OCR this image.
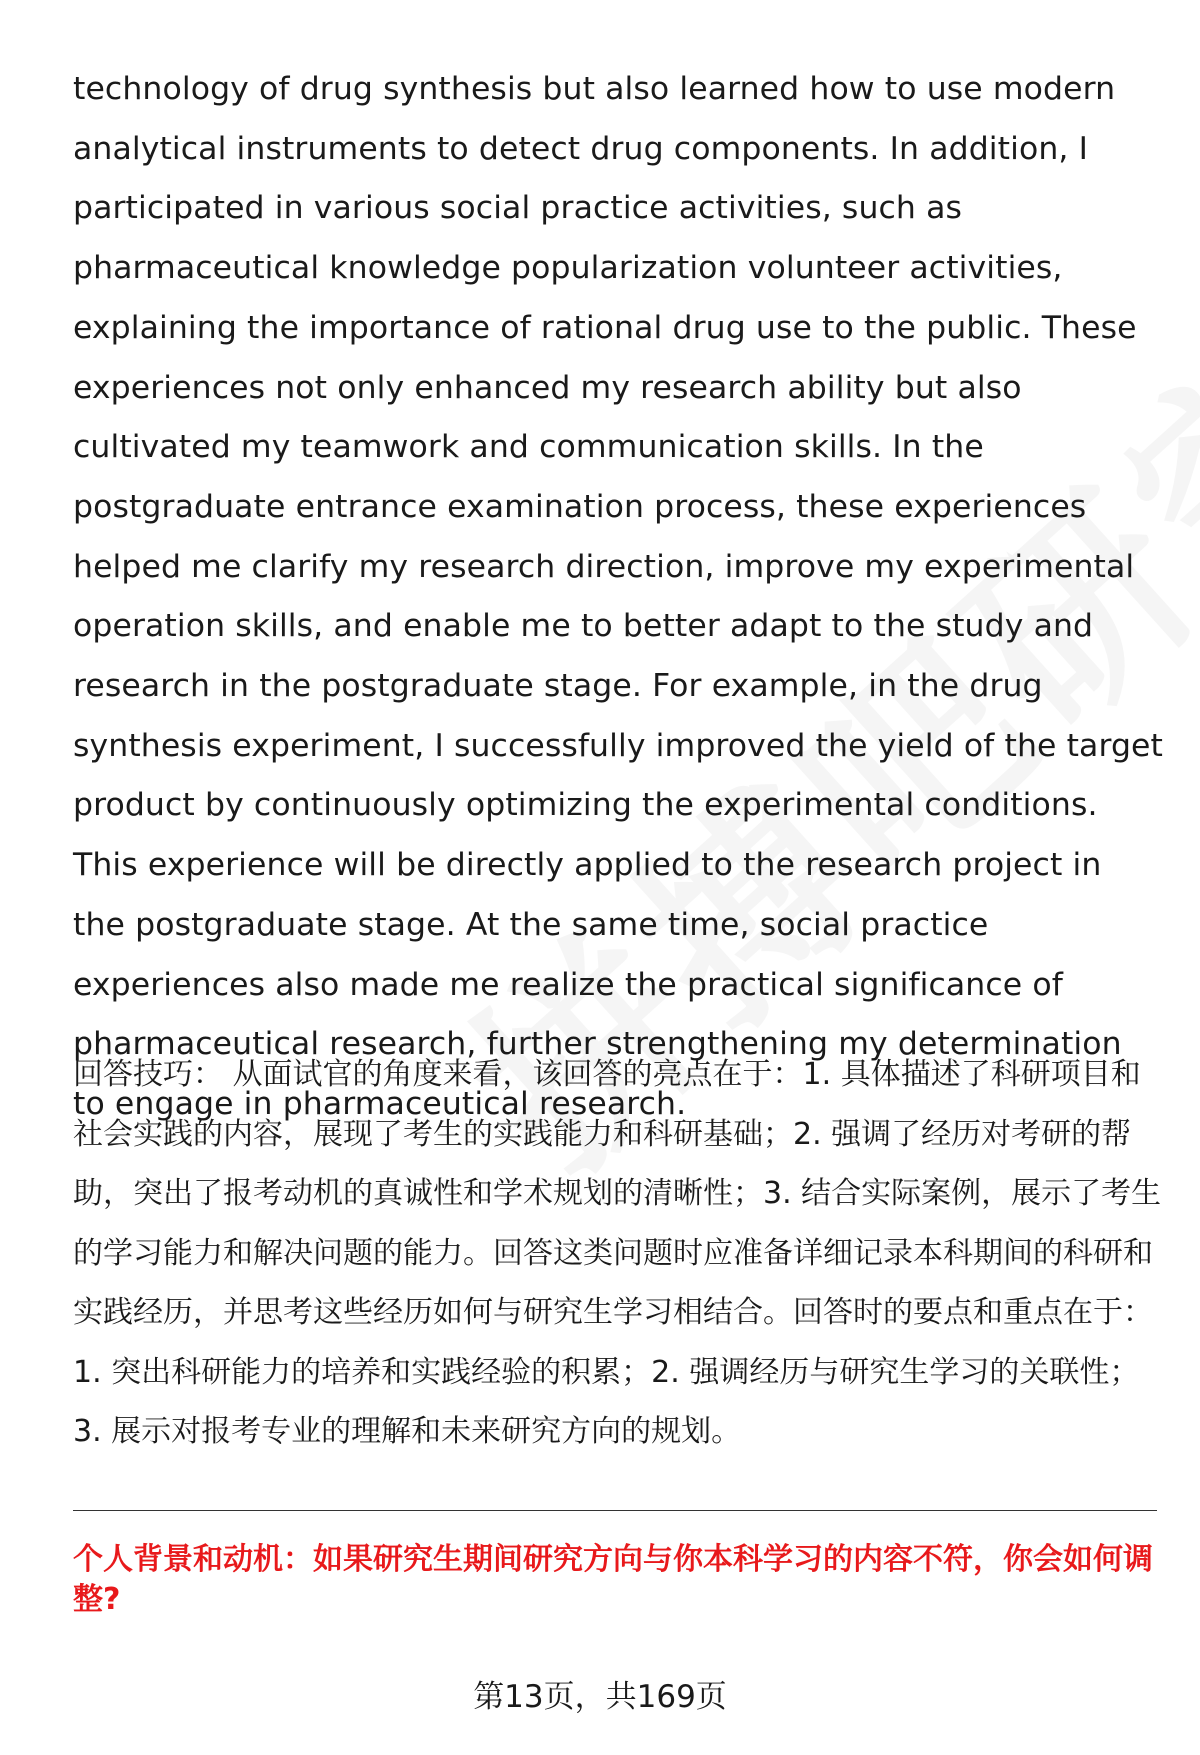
technology of drug synthesis but also learned how to use modern analytical instruments to detect drug components. In addition, I participated in various social practice activities, such as pharmaceutical knowledge popularization volunteer activities, explaining the importance of rational drug use to the public. These experiences not only enhanced my research ability but also cultivated my teamwork and communication skills. In the postgraduate entrance examination process, these experiences helped me clarify my research direction, improve my experimental operation skills, and enable me to better adapt to the study and research in the postgraduate stage. For example, in the drug synthesis experiment, I successfully improved the yield of the target product by continuously optimizing the experimental conditions. This experience will be directly applied to the research project in the postgraduate stage. At the same time, social practice experiences also made me realize the practical significance of pharmaceutical research, further strengthening my determination to engage in pharmaceutical research.

回答技巧： 从面试官的角度来看，该回答的亮点在于：1. 具体描述了科研项目和社会实践的内容，展现了考生的实践能力和科研基础；2. 强调了经历对考研的帮助，突出了报考动机的真诚性和学术规划的清晰性；3. 结合实际案例，展示了考生的学习能力和解决问题的能力。回答这类问题时应准备详细记录本科期间的科研和实践经历，并思考这些经历如何与研究生学习相结合。回答时的要点和重点在于：1. 突出科研能力的培养和实践经验的积累；2. 强调经历与研究生学习的关联性；3. 展示对报考专业的理解和未来研究方向的规划。

个人背景和动机：如果研究生期间研究方向与你本科学习的内容不符，你会如何调整?

第13页，共169页
